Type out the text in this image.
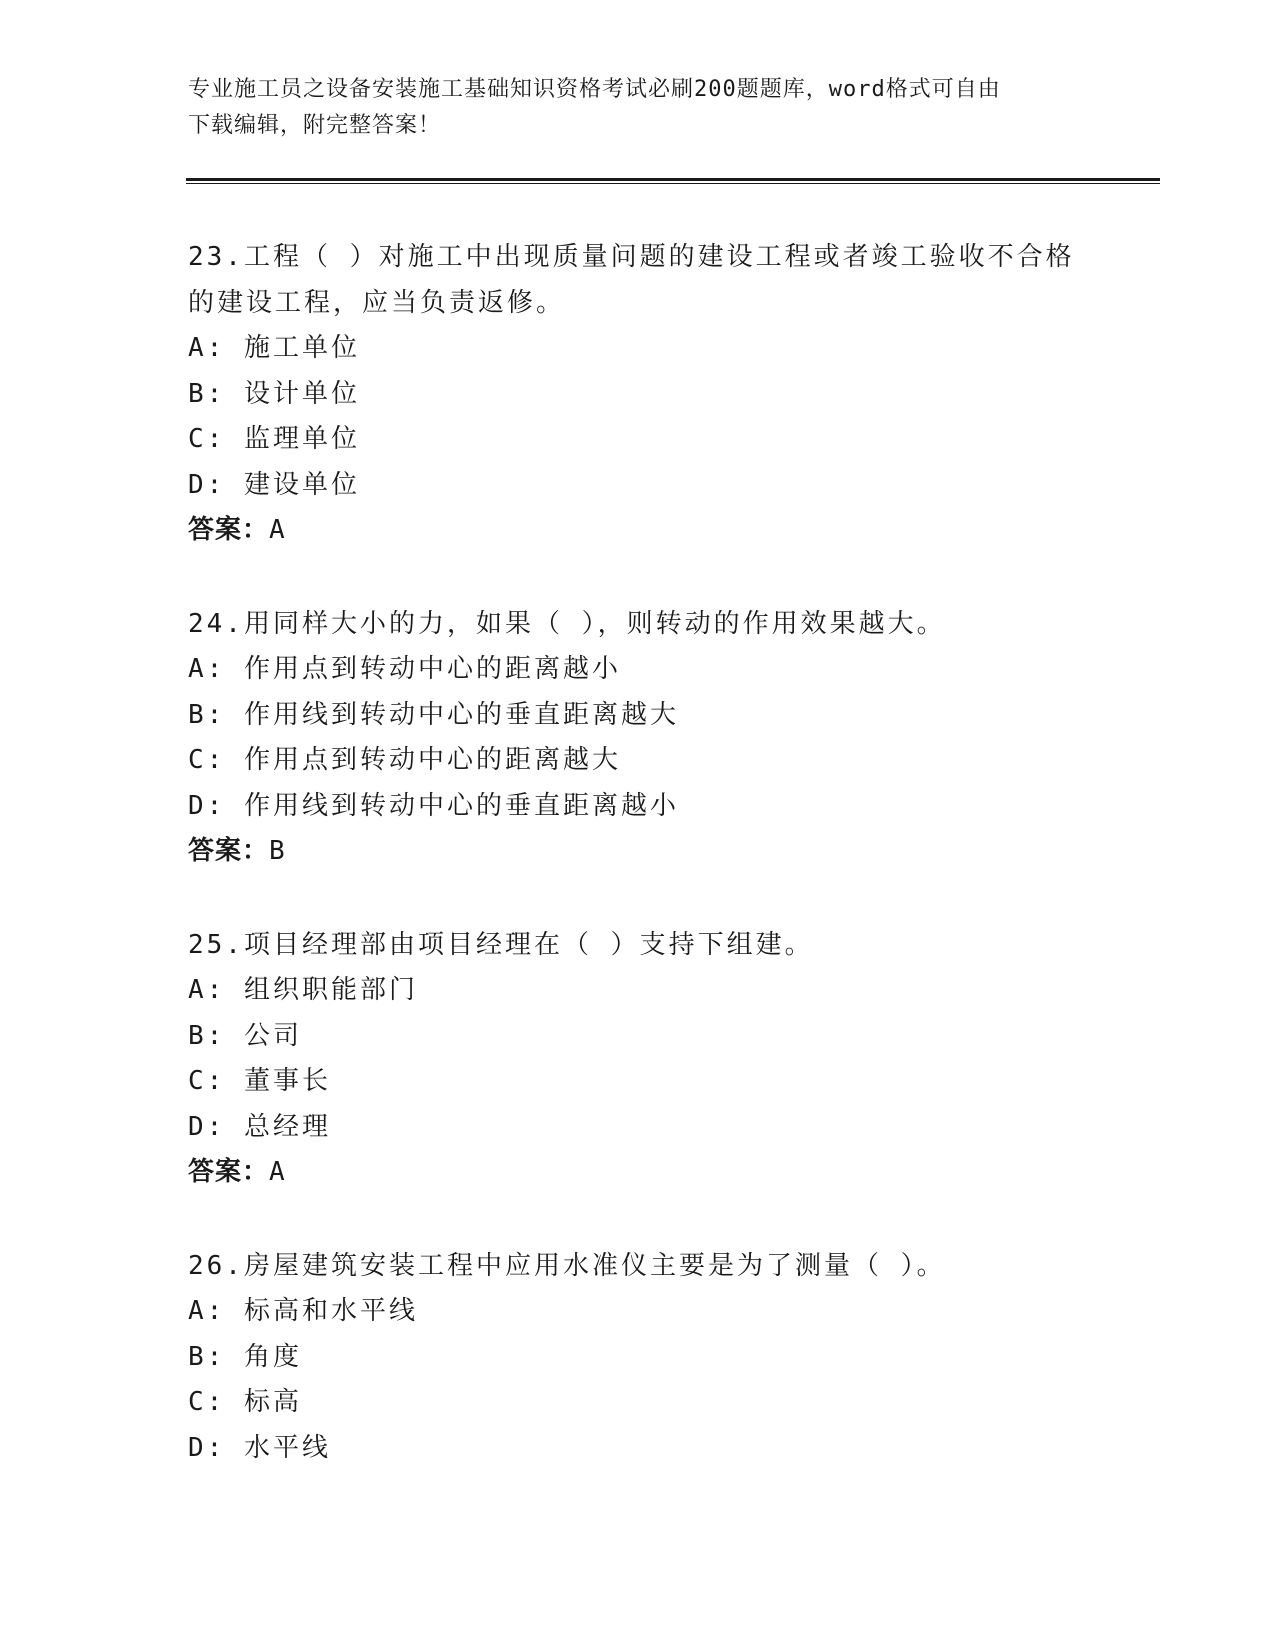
专业施工员之设备安装施工基础知识资格考试必刷200题题库，word格式可自由
下载编辑，附完整答案！
23.工程（ ）对施工中出现质量问题的建设工程或者竣工验收不合格
的建设工程，应当负责返修。
A: 施工单位
B: 设计单位
C: 监理单位
D: 建设单位
答案：A
24.用同样大小的力，如果（ ），则转动的作用效果越大。
A: 作用点到转动中心的距离越小
B: 作用线到转动中心的垂直距离越大
C: 作用点到转动中心的距离越大
D: 作用线到转动中心的垂直距离越小
答案：B
25.项目经理部由项目经理在（ ）支持下组建。
A: 组织职能部门
B: 公司
C: 董事长
D: 总经理
答案：A
26.房屋建筑安装工程中应用水准仪主要是为了测量（ ）。
A: 标高和水平线
B: 角度
C: 标高
D: 水平线
